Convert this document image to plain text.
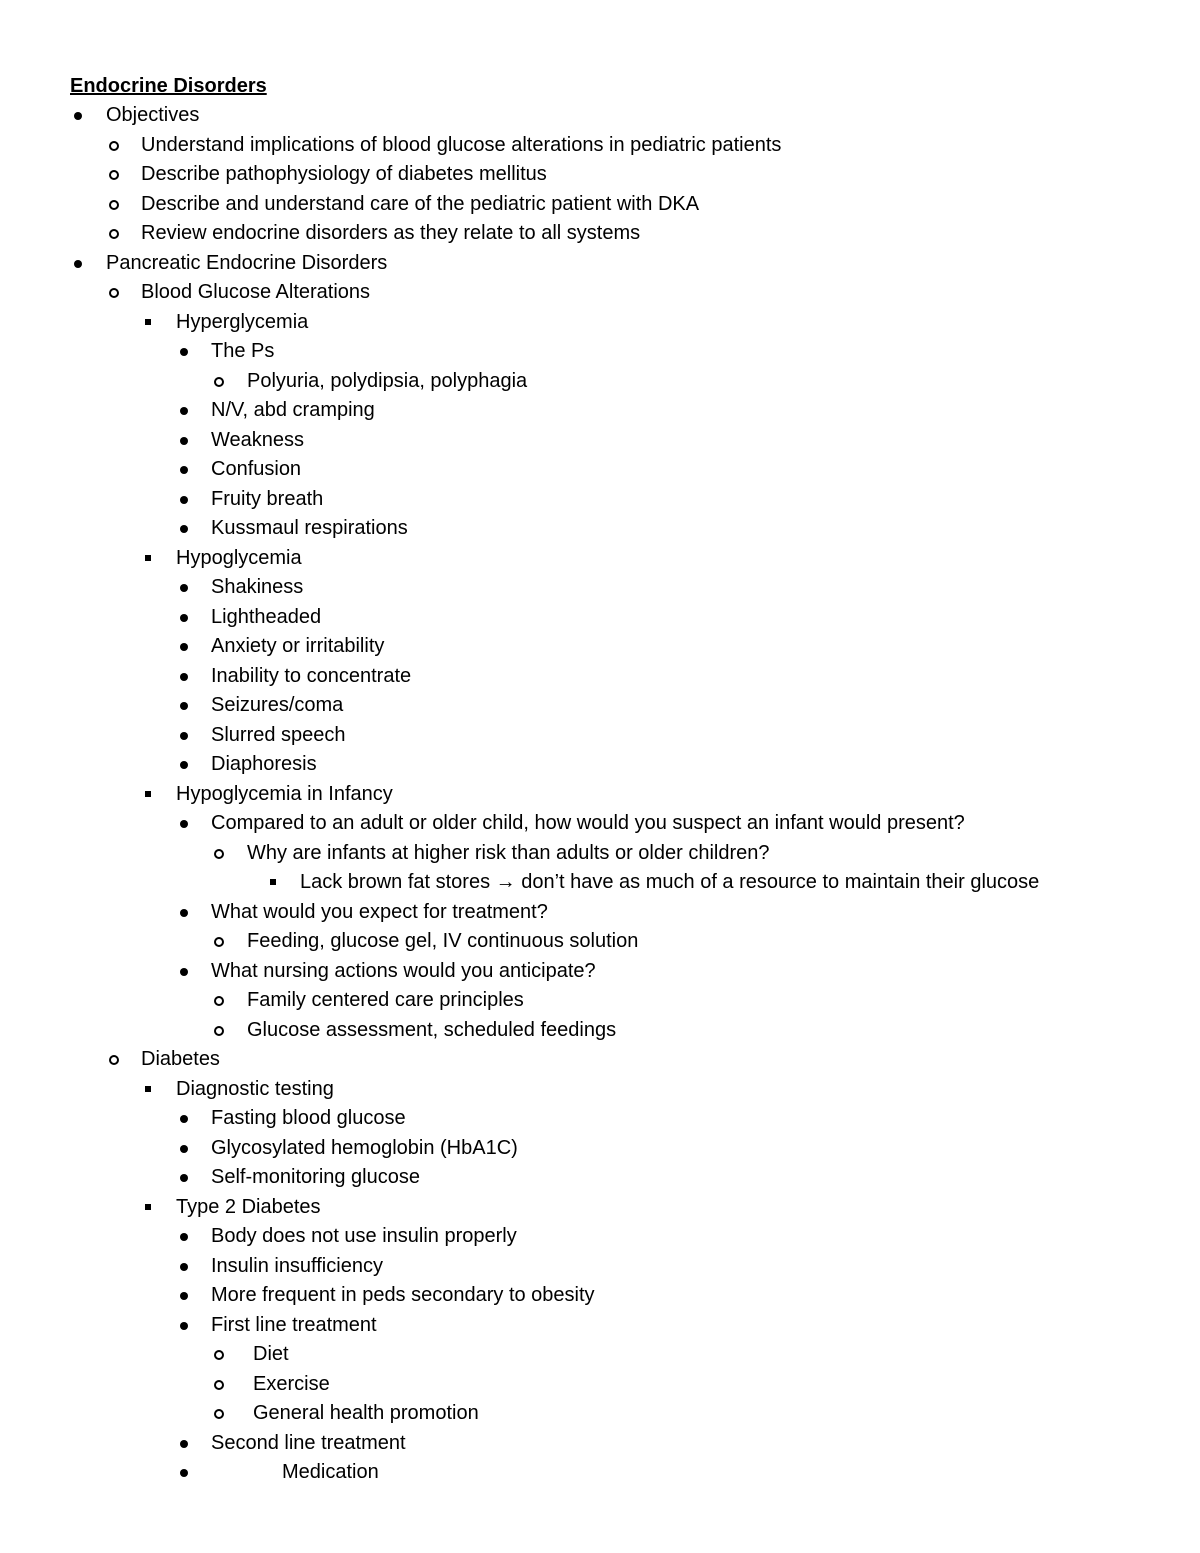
Endocrine Disorders
Objectives
Understand implications of blood glucose alterations in pediatric patients
Describe pathophysiology of diabetes mellitus
Describe and understand care of the pediatric patient with DKA
Review endocrine disorders as they relate to all systems
Pancreatic Endocrine Disorders
Blood Glucose Alterations
Hyperglycemia
The Ps
Polyuria, polydipsia, polyphagia
N/V, abd cramping
Weakness
Confusion
Fruity breath
Kussmaul respirations
Hypoglycemia
Shakiness
Lightheaded
Anxiety or irritability
Inability to concentrate
Seizures/coma
Slurred speech
Diaphoresis
Hypoglycemia in Infancy
Compared to an adult or older child, how would you suspect an infant would present?
Why are infants at higher risk than adults or older children?
Lack brown fat stores → don’t have as much of a resource to maintain their glucose
What would you expect for treatment?
Feeding, glucose gel, IV continuous solution
What nursing actions would you anticipate?
Family centered care principles
Glucose assessment, scheduled feedings
Diabetes
Diagnostic testing
Fasting blood glucose
Glycosylated hemoglobin (HbA1C)
Self-monitoring glucose
Type 2 Diabetes
Body does not use insulin properly
Insulin insufficiency
More frequent in peds secondary to obesity
First line treatment
Diet
Exercise
General health promotion
Second line treatment
Medication
